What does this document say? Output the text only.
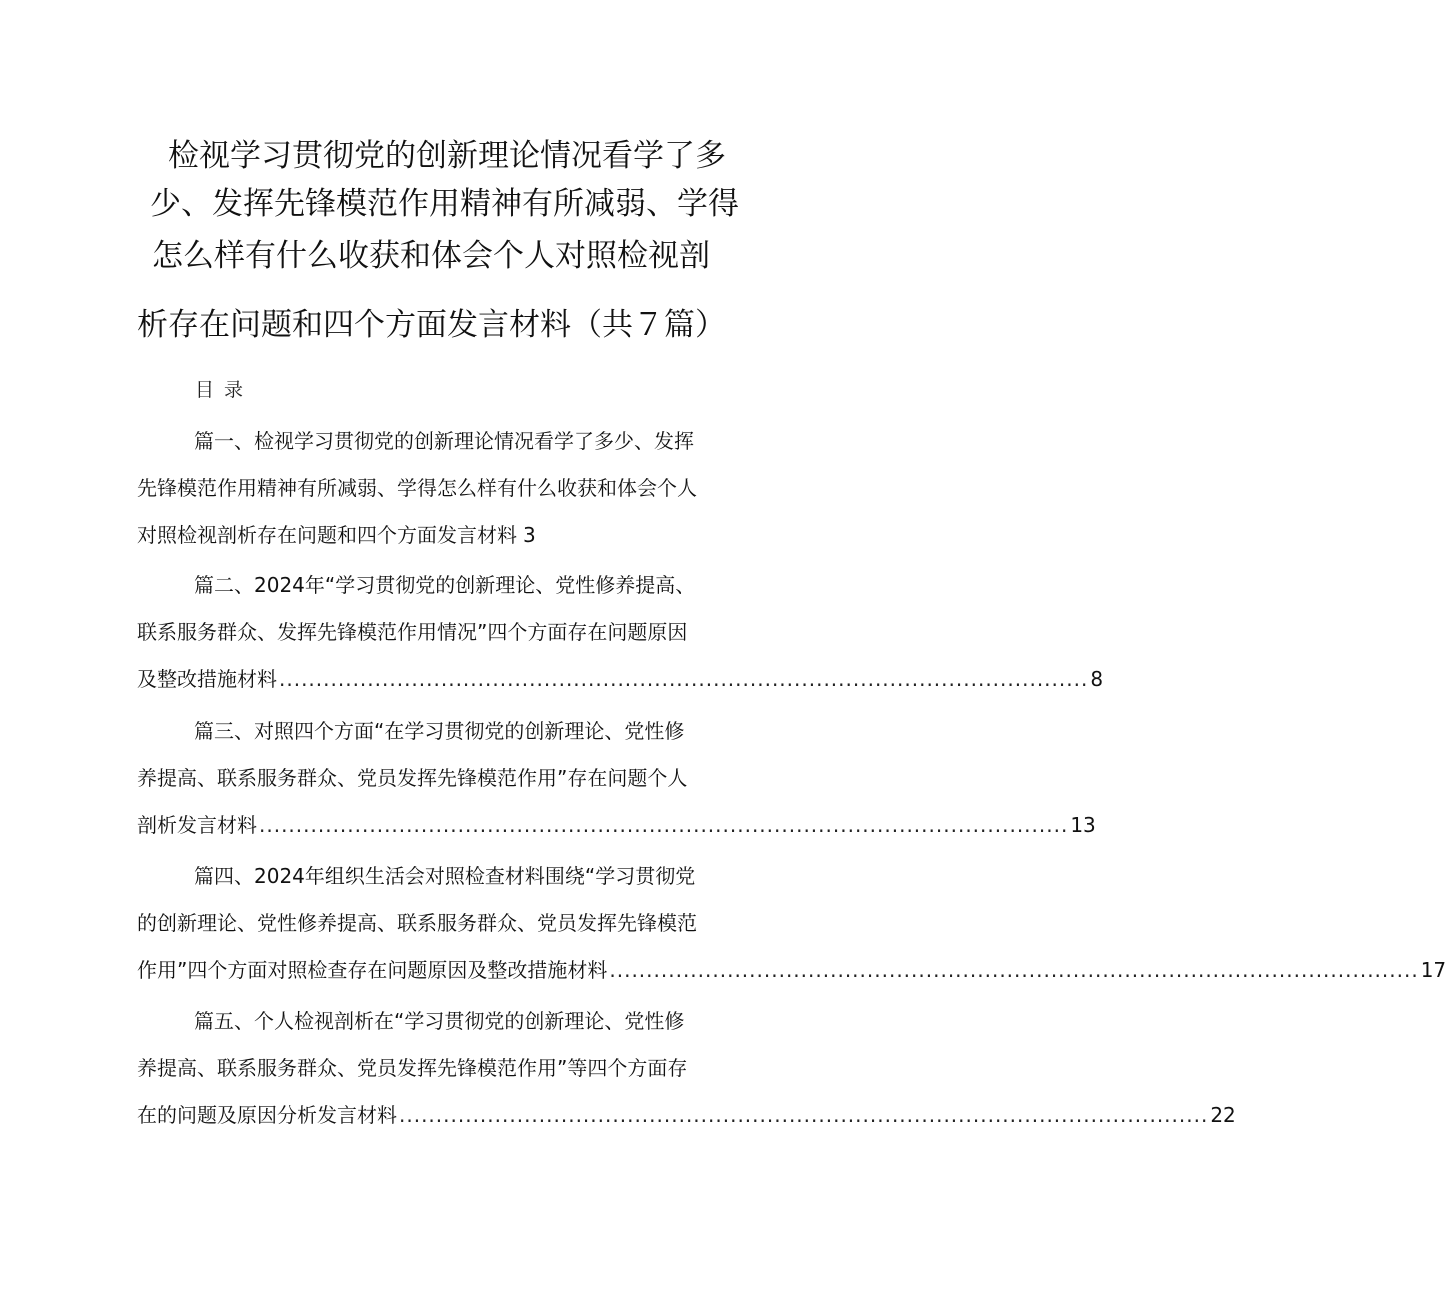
检视学习贯彻党的创新理论情况看学了多
少、发挥先锋模范作用精神有所减弱、学得
怎么样有什么收获和体会个人对照检视剖
析存在问题和四个方面发言材料（共７篇）
目 录
篇一、检视学习贯彻党的创新理论情况看学了多少、发挥
先锋模范作用精神有所减弱、学得怎么样有什么收获和体会个人
对照检视剖析存在问题和四个方面发言材料 3
篇二、2024年“学习贯彻党的创新理论、党性修养提高、
联系服务群众、发挥先锋模范作用情况”四个方面存在问题原因
及整改措施材料 .............................................................................................................. 8
篇三、对照四个方面“在学习贯彻党的创新理论、党性修
养提高、联系服务群众、党员发挥先锋模范作用”存在问题个人
剖析发言材料 .............................................................................................................. 13
篇四、2024年组织生活会对照检查材料围绕“学习贯彻党
的创新理论、党性修养提高、联系服务群众、党员发挥先锋模范
作用”四个方面对照检查存在问题原因及整改措施材料 .............................................................................................................. 17
篇五、个人检视剖析在“学习贯彻党的创新理论、党性修
养提高、联系服务群众、党员发挥先锋模范作用”等四个方面存
在的问题及原因分析发言材料 .............................................................................................................. 22
